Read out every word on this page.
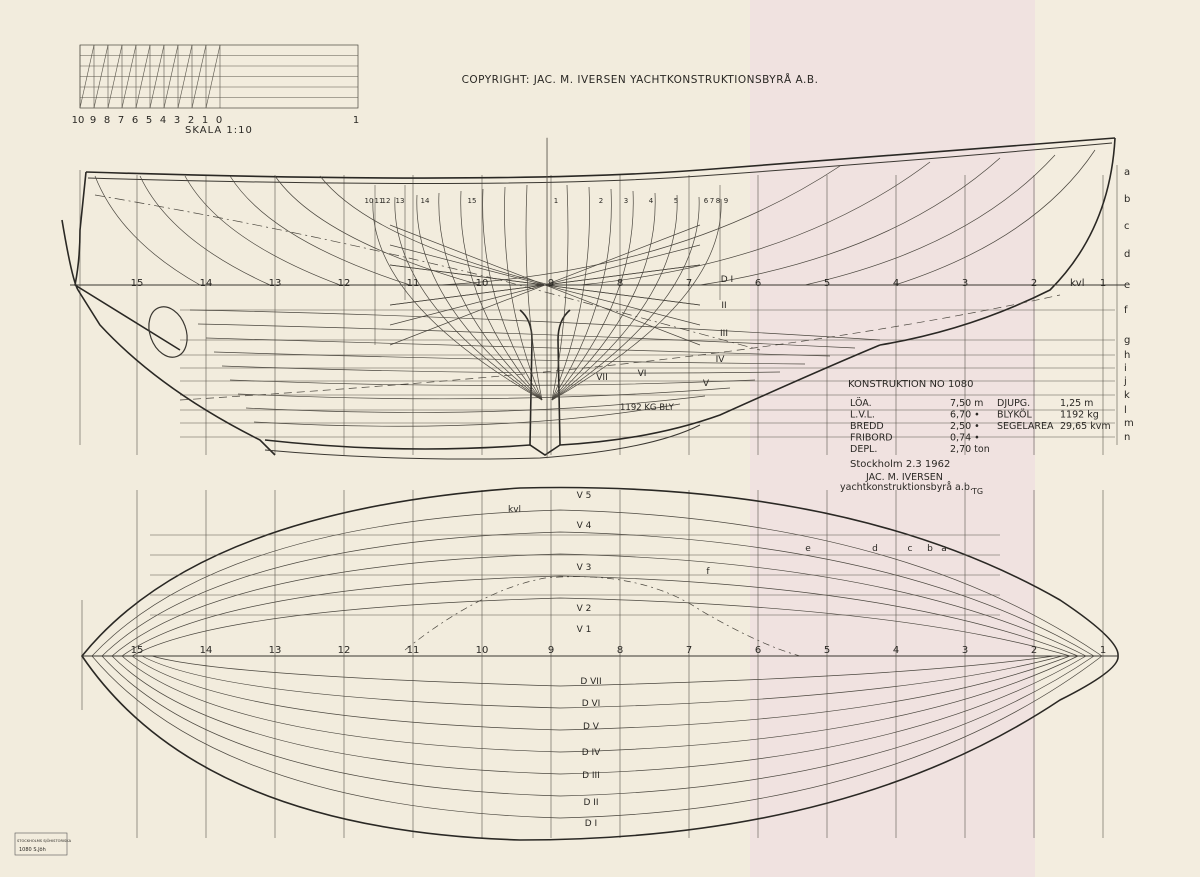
COPYRIGHT: JAC. M. IVERSEN YACHTKONSTRUKTIONSBYRÅ A.B.
10 9 8 7 6 5 4 3 2 1 0	1
SKALA 1:10
15	14	13	12	11	10	9	8	7	6	5	4	3	2	1
kvl
a
b
c
d
e
f
g
h
i
j
k
l
m
n
10 11
12 13 14	15	1	2	3	4	5	6 7 8 9
D I
II
III
IV
V
VI
VII
1192 KG BLY
KONSTRUKTION NO 1080
LÖA.	7,50 m DJUPG.	1,25 m
L.V.L.	6,70 • BLYKÖL	1192 kg
BREDD	2,50 • SEGELAREA 29,65 kvm
FRIBORD	0,74 •
DEPL.	2,70 ton
Stockholm 2.3 1962
JAC. M. IVERSEN
yachtkonstruktionsbyrå a.b. TG
15	14	13	12	11	10	9	8	7	6	5	4	3	2	1
V 5
V 4
V 3
V 2
V 1
D VII
D VI
D V
D IV
D III
D II
D I
e	d	c b a
f
kvl
STOCKHOLMS SJÖHISTORISKA
1080 S.Jöh
